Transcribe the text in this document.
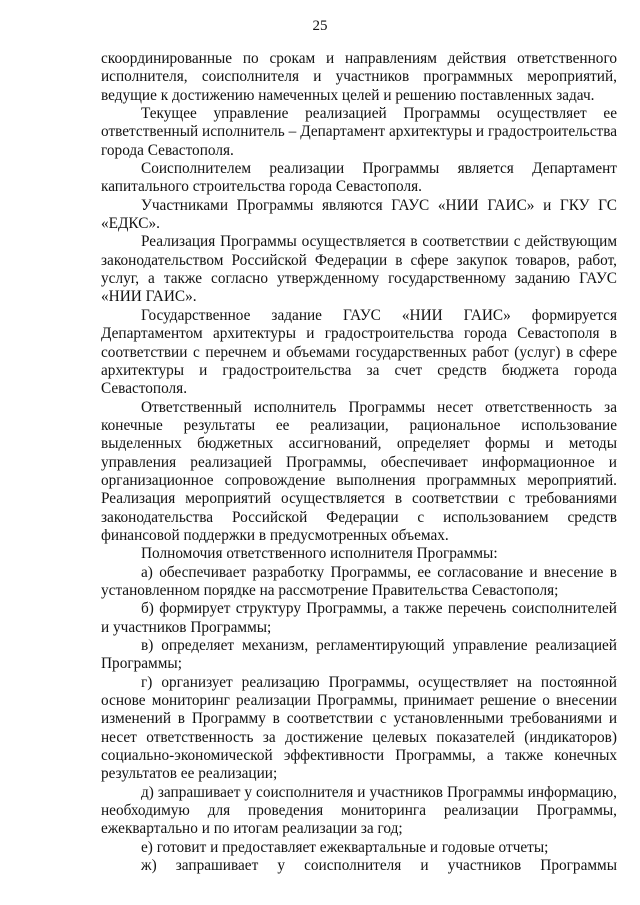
25

скоординированные по срокам и направлениям действия ответственного исполнителя, соисполнителя и участников программных мероприятий, ведущие к достижению намеченных целей и решению поставленных задач.

Текущее управление реализацией Программы осуществляет ее ответственный исполнитель – Департамент архитектуры и градостроительства города Севастополя.

Соисполнителем реализации Программы является Департамент капитального строительства города Севастополя.

Участниками Программы являются ГАУС «НИИ ГАИС» и ГКУ ГС «ЕДКС».

Реализация Программы осуществляется в соответствии с действующим законодательством Российской Федерации в сфере закупок товаров, работ, услуг, а также согласно утвержденному государственному заданию ГАУС «НИИ ГАИС».

Государственное задание ГАУС «НИИ ГАИС» формируется Департаментом архитектуры и градостроительства города Севастополя в соответствии с перечнем и объемами государственных работ (услуг) в сфере архитектуры и градостроительства за счет средств бюджета города Севастополя.

Ответственный исполнитель Программы несет ответственность за конечные результаты ее реализации, рациональное использование выделенных бюджетных ассигнований, определяет формы и методы управления реализацией Программы, обеспечивает информационное и организационное сопровождение выполнения программных мероприятий. Реализация мероприятий осуществляется в соответствии с требованиями законодательства Российской Федерации с использованием средств финансовой поддержки в предусмотренных объемах.

Полномочия ответственного исполнителя Программы:

а) обеспечивает разработку Программы, ее согласование и внесение в установленном порядке на рассмотрение Правительства Севастополя;

б) формирует структуру Программы, а также перечень соисполнителей и участников Программы;

в) определяет механизм, регламентирующий управление реализацией Программы;

г) организует реализацию Программы, осуществляет на постоянной основе мониторинг реализации Программы, принимает решение о внесении изменений в Программу в соответствии с установленными требованиями и несет ответственность за достижение целевых показателей (индикаторов) социально-экономической эффективности Программы, а также конечных результатов ее реализации;

д) запрашивает у соисполнителя и участников Программы информацию, необходимую для проведения мониторинга реализации Программы, ежеквартально и по итогам реализации за год;

е) готовит и предоставляет ежеквартальные и годовые отчеты;

ж) запрашивает у соисполнителя и участников Программы
